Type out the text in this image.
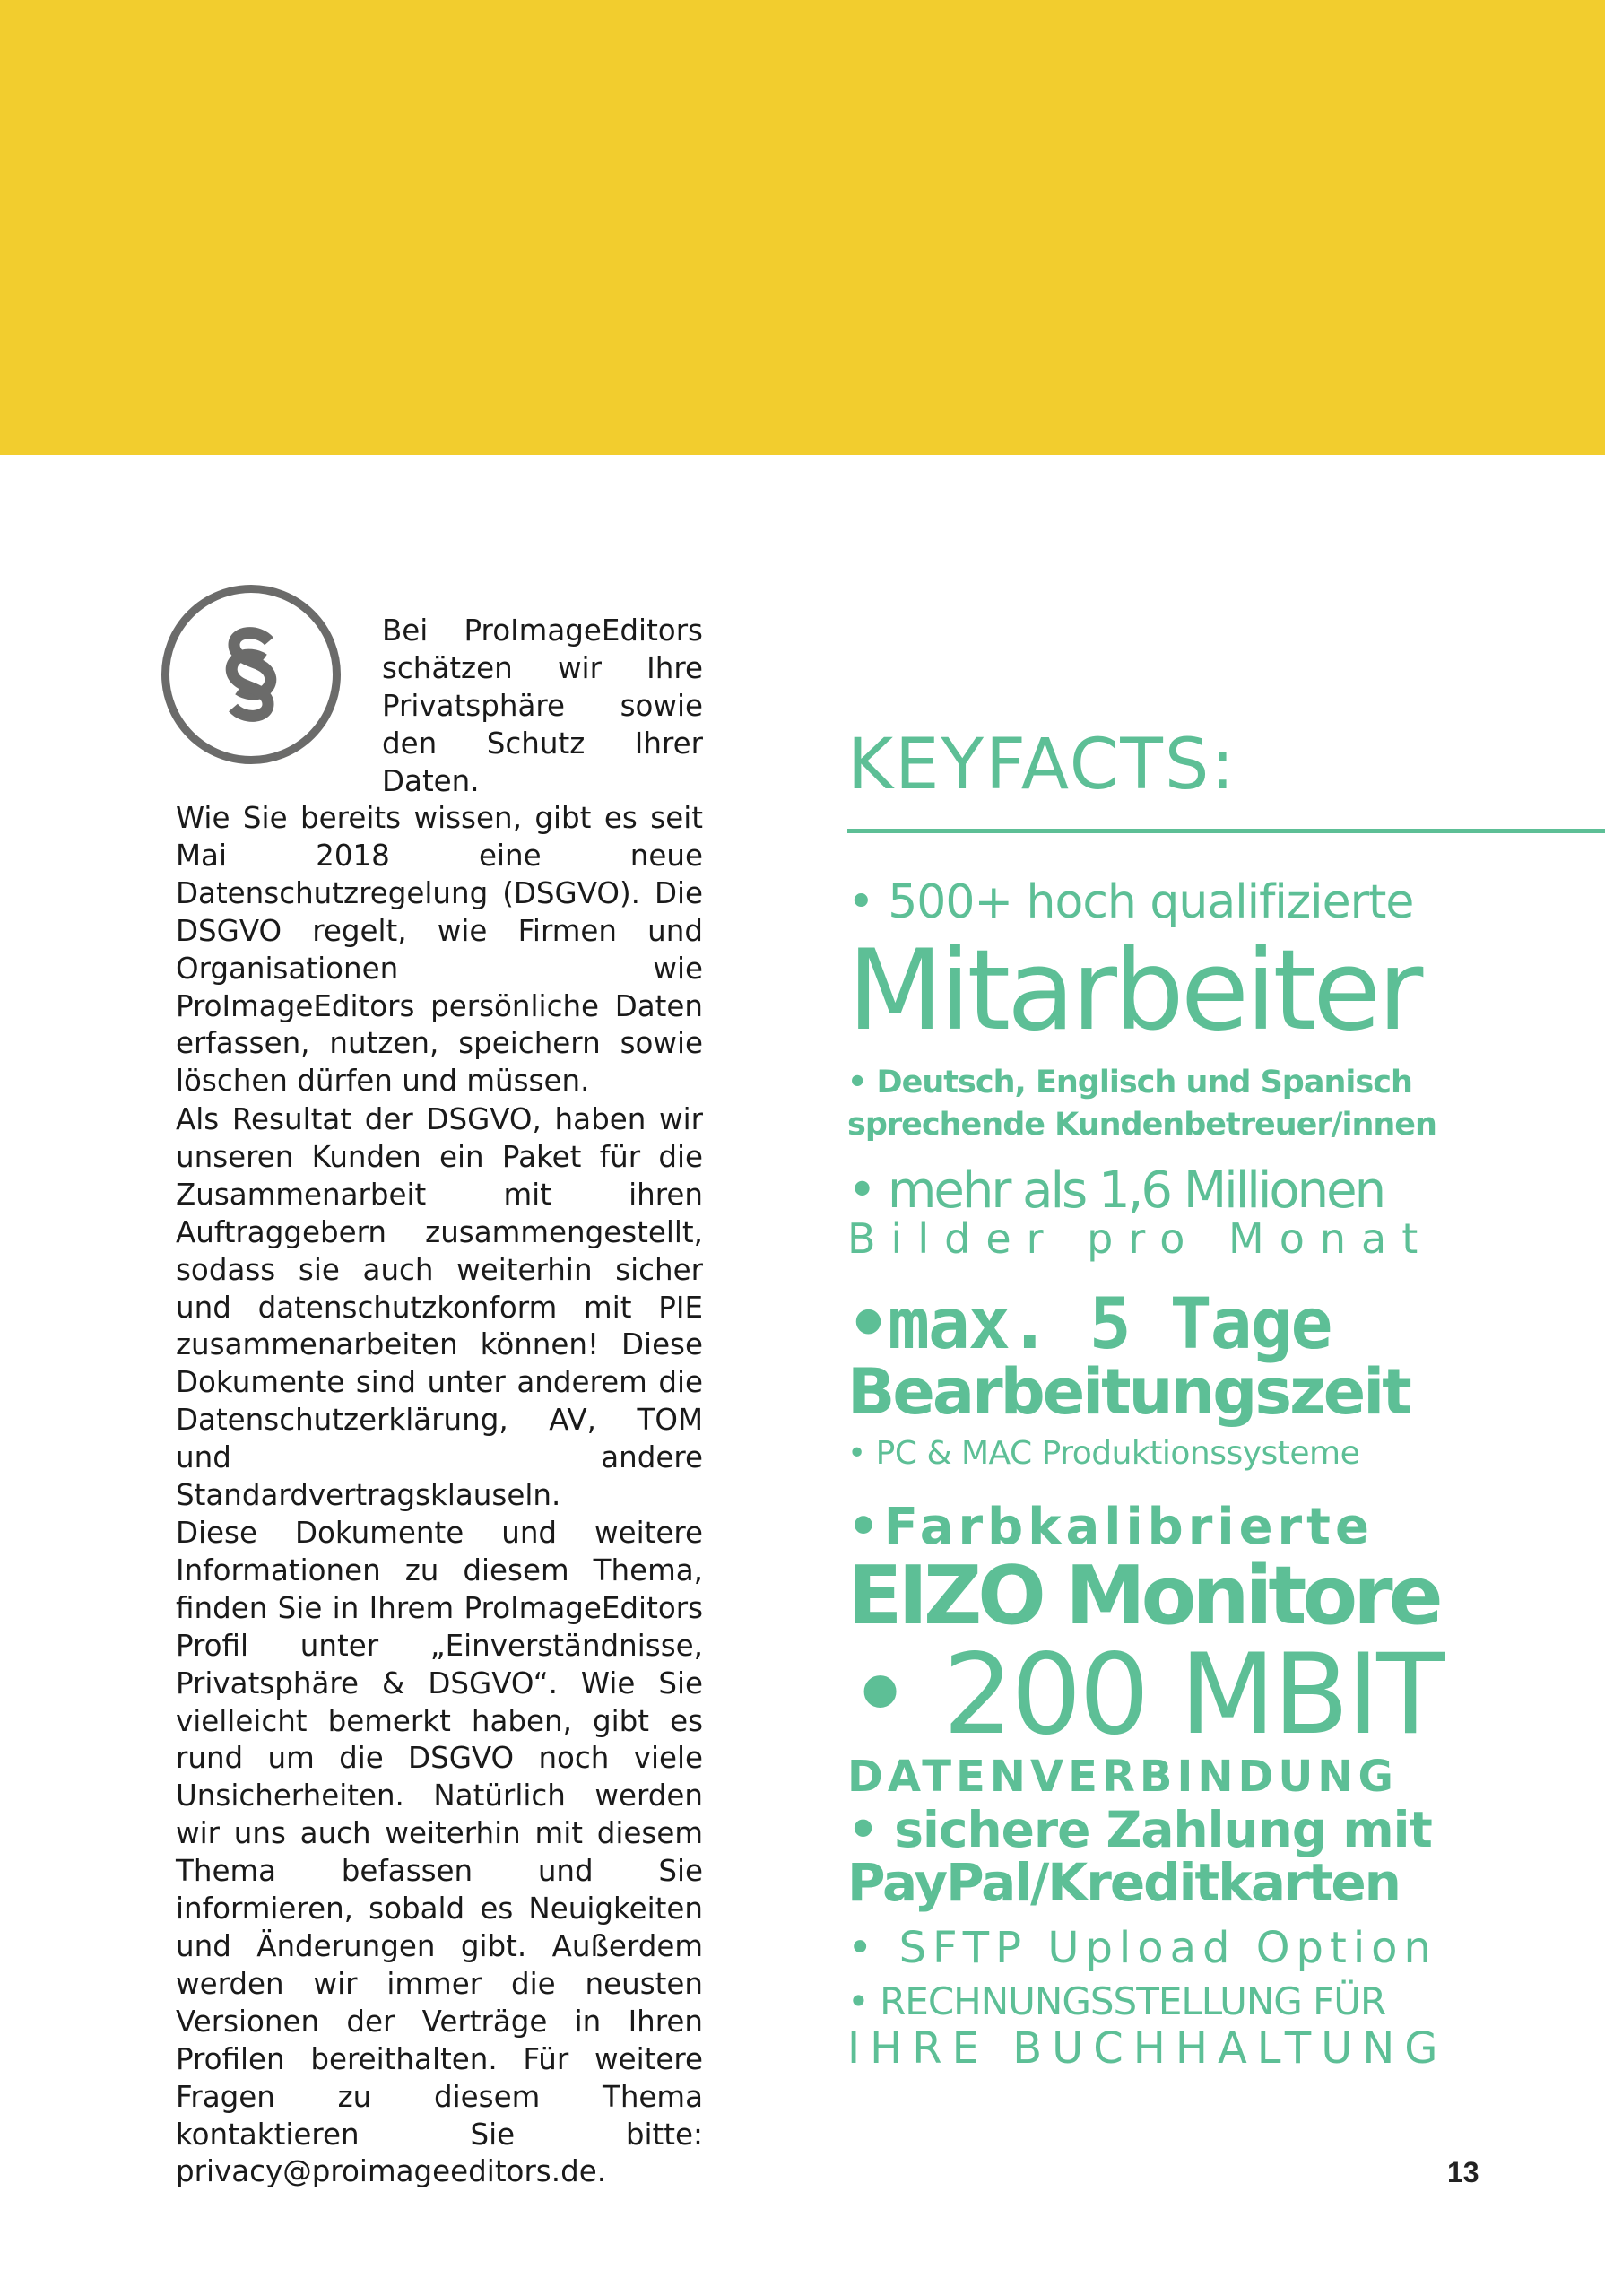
Bei ProImageEditors schätzen wir Ihre Privatsphäre sowie den Schutz Ihrer Daten.

Wie Sie bereits wissen, gibt es seit Mai 2018 eine neue Datenschutzregelung (DSGVO). Die DSGVO regelt, wie Firmen und Organisationen wie ProImageEditors persönliche Daten erfassen, nutzen, speichern sowie löschen dürfen und müssen.

Als Resultat der DSGVO, haben wir unseren Kunden ein Paket für die Zusammenarbeit mit ihren Auftraggebern zusammengestellt, sodass sie auch weiterhin sicher und datenschutzkonform mit PIE zusammenarbeiten können! Diese Dokumente sind unter anderem die Datenschutzerklärung, AV, TOM und andere Standardvertragsklauseln.

Diese Dokumente und weitere Informationen zu diesem Thema, finden Sie in Ihrem ProImageEditors Profil unter „Einverständnisse, Privatsphäre & DSGVO“. Wie Sie vielleicht bemerkt haben, gibt es rund um die DSGVO noch viele Unsicherheiten. Natürlich werden wir uns auch weiterhin mit diesem Thema befassen und Sie informieren, sobald es Neuigkeiten und Änderungen gibt. Außerdem werden wir immer die neusten Versionen der Verträge in Ihren Profilen bereithalten. Für weitere Fragen zu diesem Thema kontaktieren Sie bitte: privacy@proimageeditors.de.

KEYFACTS:
• 500+ hoch qualifizierte
Mitarbeiter
• Deutsch, Englisch und Spanisch
sprechende Kundenbetreuer/innen
• mehr als 1,6 Millionen
Bilder pro Monat
•max. 5 Tage
Bearbeitungszeit
• PC & MAC Produktionssysteme
•Farbkalibrierte
EIZO Monitore
• 200 MBIT
DATENVERBINDUNG
• sichere Zahlung mit
PayPal/Kreditkarten
• SFTP Upload Option
• RECHNUNGSSTELLUNG FÜR
IHRE BUCHHALTUNG
13
